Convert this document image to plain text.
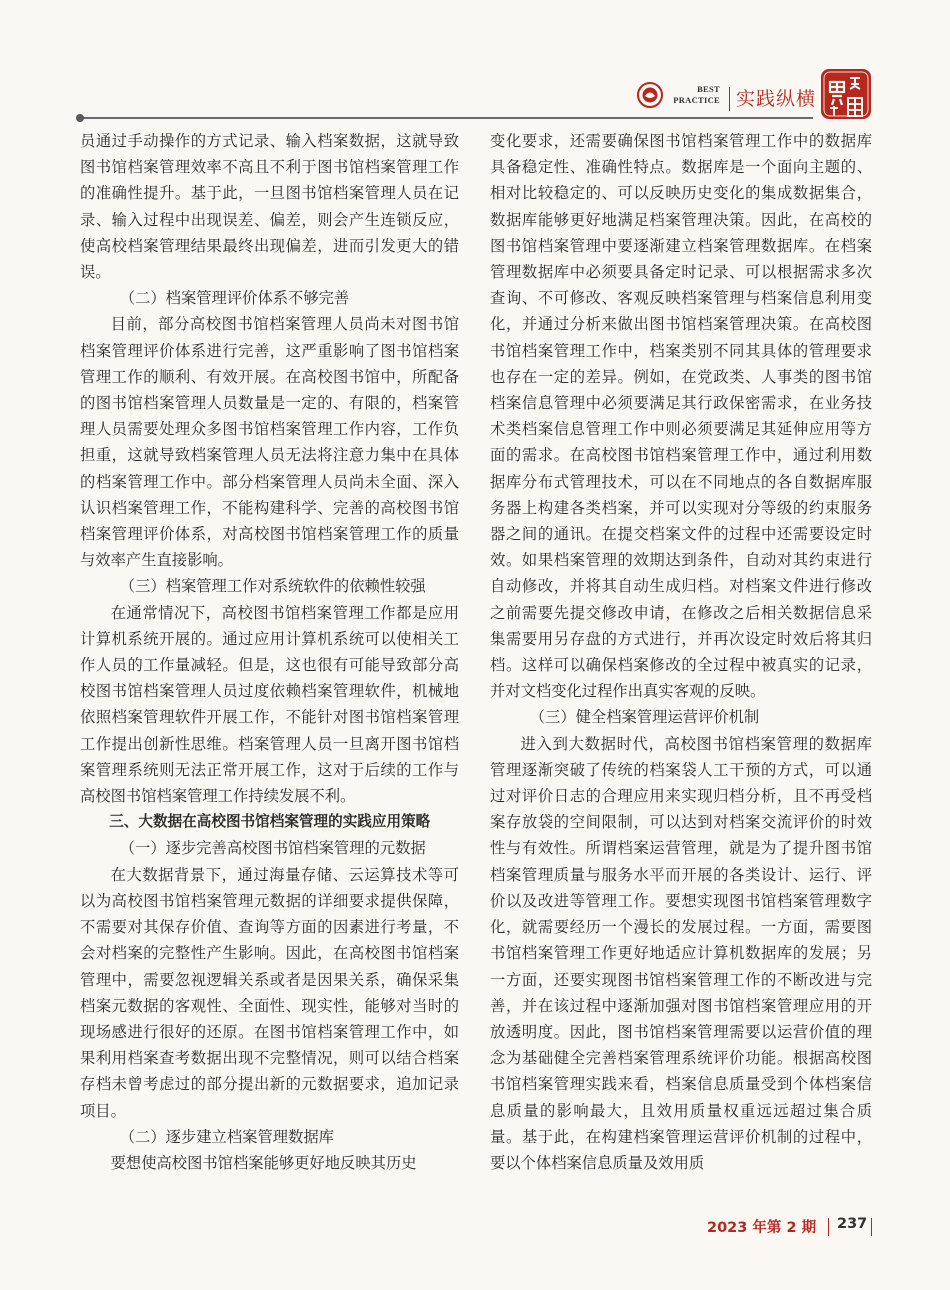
BEST PRACTICE 实践纵横

员通过手动操作的方式记录、输入档案数据，这就导致图书馆档案管理效率不高且不利于图书馆档案管理工作的准确性提升。基于此，一旦图书馆档案管理人员在记录、输入过程中出现误差、偏差，则会产生连锁反应，使高校档案管理结果最终出现偏差，进而引发更大的错误。

（二）档案管理评价体系不够完善

目前，部分高校图书馆档案管理人员尚未对图书馆档案管理评价体系进行完善，这严重影响了图书馆档案管理工作的顺利、有效开展。在高校图书馆中，所配备的图书馆档案管理人员数量是一定的、有限的，档案管理人员需要处理众多图书馆档案管理工作内容，工作负担重，这就导致档案管理人员无法将注意力集中在具体的档案管理工作中。部分档案管理人员尚未全面、深入认识档案管理工作，不能构建科学、完善的高校图书馆档案管理评价体系，对高校图书馆档案管理工作的质量与效率产生直接影响。

（三）档案管理工作对系统软件的依赖性较强

在通常情况下，高校图书馆档案管理工作都是应用计算机系统开展的。通过应用计算机系统可以使相关工作人员的工作量减轻。但是，这也很有可能导致部分高校图书馆档案管理人员过度依赖档案管理软件，机械地依照档案管理软件开展工作，不能针对图书馆档案管理工作提出创新性思维。档案管理人员一旦离开图书馆档案管理系统则无法正常开展工作，这对于后续的工作与高校图书馆档案管理工作持续发展不利。

三、大数据在高校图书馆档案管理的实践应用策略

（一）逐步完善高校图书馆档案管理的元数据

在大数据背景下，通过海量存储、云运算技术等可以为高校图书馆档案管理元数据的详细要求提供保障，不需要对其保存价值、查询等方面的因素进行考量，不会对档案的完整性产生影响。因此，在高校图书馆档案管理中，需要忽视逻辑关系或者是因果关系，确保采集档案元数据的客观性、全面性、现实性，能够对当时的现场感进行很好的还原。在图书馆档案管理工作中，如果利用档案查考数据出现不完整情况，则可以结合档案存档未曾考虑过的部分提出新的元数据要求，追加记录项目。

（二）逐步建立档案管理数据库

要想使高校图书馆档案能够更好地反映其历史

变化要求，还需要确保图书馆档案管理工作中的数据库具备稳定性、准确性特点。数据库是一个面向主题的、相对比较稳定的、可以反映历史变化的集成数据集合，数据库能够更好地满足档案管理决策。因此，在高校的图书馆档案管理中要逐渐建立档案管理数据库。在档案管理数据库中必须要具备定时记录、可以根据需求多次查询、不可修改、客观反映档案管理与档案信息利用变化，并通过分析来做出图书馆档案管理决策。在高校图书馆档案管理工作中，档案类别不同其具体的管理要求也存在一定的差异。例如，在党政类、人事类的图书馆档案信息管理中必须要满足其行政保密需求，在业务技术类档案信息管理工作中则必须要满足其延伸应用等方面的需求。在高校图书馆档案管理工作中，通过利用数据库分布式管理技术，可以在不同地点的各自数据库服务器上构建各类档案，并可以实现对分等级的约束服务器之间的通讯。在提交档案文件的过程中还需要设定时效。如果档案管理的效期达到条件，自动对其约束进行自动修改，并将其自动生成归档。对档案文件进行修改之前需要先提交修改申请，在修改之后相关数据信息采集需要用另存盘的方式进行，并再次设定时效后将其归档。这样可以确保档案修改的全过程中被真实的记录，并对文档变化过程作出真实客观的反映。

（三）健全档案管理运营评价机制

进入到大数据时代，高校图书馆档案管理的数据库管理逐渐突破了传统的档案袋人工干预的方式，可以通过对评价日志的合理应用来实现归档分析，且不再受档案存放袋的空间限制，可以达到对档案交流评价的时效性与有效性。所谓档案运营管理，就是为了提升图书馆档案管理质量与服务水平而开展的各类设计、运行、评价以及改进等管理工作。要想实现图书馆档案管理数字化，就需要经历一个漫长的发展过程。一方面，需要图书馆档案管理工作更好地适应计算机数据库的发展；另一方面，还要实现图书馆档案管理工作的不断改进与完善，并在该过程中逐渐加强对图书馆档案管理应用的开放透明度。因此，图书馆档案管理需要以运营价值的理念为基础健全完善档案管理系统评价功能。根据高校图书馆档案管理实践来看，档案信息质量受到个体档案信息质量的影响最大，且效用质量权重远远超过集合质量。基于此，在构建档案管理运营评价机制的过程中，要以个体档案信息质量及效用质

2023 年第 2 期 237
